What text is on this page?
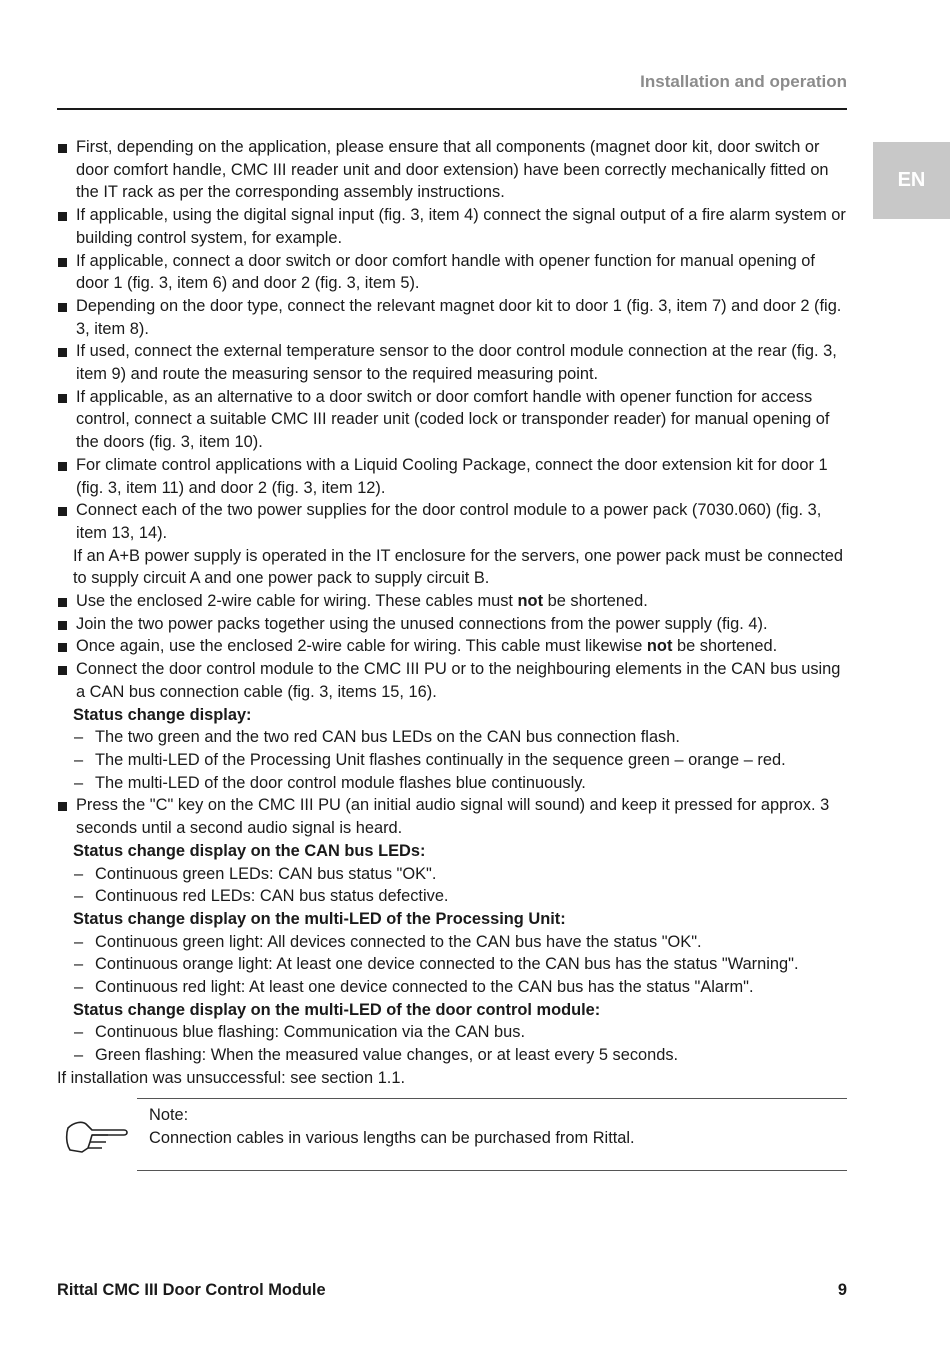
Installation and operation
EN
First, depending on the application, please ensure that all components (magnet door kit, door switch or door comfort handle, CMC III reader unit and door extension) have been correctly mechanically fitted on the IT rack as per the corresponding assembly instructions.
If applicable, using the digital signal input (fig. 3, item 4) connect the signal output of a fire alarm system or building control system, for example.
If applicable, connect a door switch or door comfort handle with opener function for manual opening of door 1 (fig. 3, item 6) and door 2 (fig. 3, item 5).
Depending on the door type, connect the relevant magnet door kit to door 1 (fig. 3, item 7) and door 2 (fig. 3, item 8).
If used, connect the external temperature sensor to the door control module connection at the rear (fig. 3, item 9) and route the measuring sensor to the required measuring point.
If applicable, as an alternative to a door switch or door comfort handle with opener function for access control, connect a suitable CMC III reader unit (coded lock or transponder reader) for manual opening of the doors (fig. 3, item 10).
For climate control applications with a Liquid Cooling Package, connect the door extension kit for door 1 (fig. 3, item 11) and door 2 (fig. 3, item 12).
Connect each of the two power supplies for the door control module to a power pack (7030.060) (fig. 3, item 13, 14).
If an A+B power supply is operated in the IT enclosure for the servers, one power pack must be connected to supply circuit A and one power pack to supply circuit B.
Use the enclosed 2-wire cable for wiring. These cables must not be shortened.
Join the two power packs together using the unused connections from the power supply (fig. 4).
Once again, use the enclosed 2-wire cable for wiring. This cable must likewise not be shortened.
Connect the door control module to the CMC III PU or to the neighbouring elements in the CAN bus using a CAN bus connection cable (fig. 3, items 15, 16).
Status change display:
– The two green and the two red CAN bus LEDs on the CAN bus connection flash.
– The multi-LED of the Processing Unit flashes continually in the sequence green – orange – red.
– The multi-LED of the door control module flashes blue continuously.
Press the "C" key on the CMC III PU (an initial audio signal will sound) and keep it pressed for approx. 3 seconds until a second audio signal is heard.
Status change display on the CAN bus LEDs:
– Continuous green LEDs: CAN bus status "OK".
– Continuous red LEDs: CAN bus status defective.
Status change display on the multi-LED of the Processing Unit:
– Continuous green light: All devices connected to the CAN bus have the status "OK".
– Continuous orange light: At least one device connected to the CAN bus has the status "Warning".
– Continuous red light: At least one device connected to the CAN bus has the status "Alarm".
Status change display on the multi-LED of the door control module:
– Continuous blue flashing: Communication via the CAN bus.
– Green flashing: When the measured value changes, or at least every 5 seconds.
If installation was unsuccessful: see section 1.1.
Note:
Connection cables in various lengths can be purchased from Rittal.
Rittal CMC III Door Control Module	9
